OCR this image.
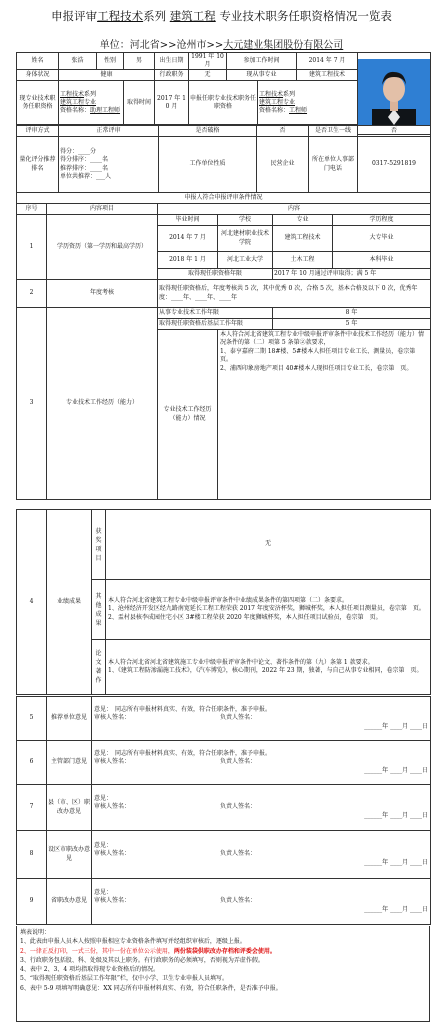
申报评审工程技术系列 建筑工程 专业技术职务任职资格情况一览表
单位：河北省>>沧州市>>大元建业集团股份有限公司
姓名	张浩	性别	男	出生日期	1991 年 10 月	参加工作时间		2014 年 7 月	
身体状况	健康			行政职务	无	现从事专业		建筑工程技术	
现专业技术职务任职资格	工程技术系列
建筑工程专业
资格名称：助理工程师		取得时间	2017 年 10 月	申报任职专业技术职务任职资格		工程技术系列
建筑工程专业
资格名称：工程师		

评审方式	正常评审	是否破格	否	是否卫生一线	否
量化评分推荐排名	得分：____分
得分排序：____名
推荐排序：____名
单位共推荐：___人	工作单位性质	民营企业	所在单位人事部门电话	0317-5291819
申报人符合申报评审条件情况					
序号	内容项目	内容			
1	学历资历（第一学历和最高学历）	毕业时间	学校	专业	学历程度
		2014 年 7 月	河北建材职业技术学院	建筑工程技术	大专毕业
		2018 年 1 月	河北工业大学	土木工程	本科毕业
		取得现任职资格年限		2017 年 10 月通过评审取得；满 5 年	
2	年度考核	取得现任职资格后，年度考核共 5 次，其中优秀 0 次，合格 5 次，基本合格及以下 0 次，优秀年度：____年、____年、____年			
3	专业技术工作经历（能力）	从事专业技术工作年限		8 年	
		取得现任职资格后基层工作年限		5 年	
		专业技术工作经历（能力）情况	本人符合河北省建筑工程专业中级申报评审条件中业技术工作经历（能力）情况条件的第（二）项第 5 条第②款要求，
1、泰亨嘉府二期 18#楼、5#楼本人担任项目专业工长、测量员，卷宗第　页。
2、浦西印象房地产项目 40#楼本人现担任项目专业工长，卷宗第　页。		
4	业绩成果	获奖项目	无
		其他成果	本人符合河北省建筑工程专业中级申报评审条件中业绩成果条件的第四项第（二）条要求。
1、沧州经济开发区经九路南宽延长工程工程荣获 2017 年度安济杯奖，狮城杯奖，本人担任项目测量员，卷宗第　页。
2、盂村县核李成园住宅小区 3#楼工程荣获 2020 年度狮城杯奖，本人担任项目试验员，卷宗第　页。
		论文著作	本人符合河北省河北省建筑施工专业中级申报评审条件中论文、著作条件的第（九）条第 1 款要求。
1、《建筑工程防渗漏施工技术》，《汽车博览》，核心期刊，2022 年 23 期，独著，与自己从事专业相同，卷宗第　页。
5	推荐单位意见	意见：　同志所有申报材料真实、有效，符合任职条件，准予申报。
审核人签名： 负责人签名：

______年 ____月 ____日

6	主管部门意见	意见：　同志所有申报材料真实、有效，符合任职条件，准予申报。
审核人签名： 负责人签名：

______年 ____月 ____日

7	县（市、区）职改办意见	意见：
审核人签名： 负责人签名：

______年 ____月 ____日

8	设区市职改办意见	意见：
审核人签名： 负责人签名：

______年 ____月 ____日

9	省职改办意见	意见：
审核人签名： 负责人签名：

______年 ____月 ____日
填表说明：
1、此表由申报人员本人按照申报相应专业资格条件填写并经组织审核后，逐级上报。
2、一律正反打印，一式三份，其中一份在单位公示使用，两份装袋供职改办存档和评委会使用。
3、行政职务包括股、科、处级及其以上职务。有行政职务的必须填写，否则视为弄虚作假。
4、表中 2、3、4 项均指取得现专业资格后的情况。
5、“取得现任职资格后基层工作年限”栏，仅中小学、卫生专业申报人员填写。
6、表中 5-9 项填写明确意见：XX 同志所有申报材料真实、有效，符合任职条件，是否准予申报。
